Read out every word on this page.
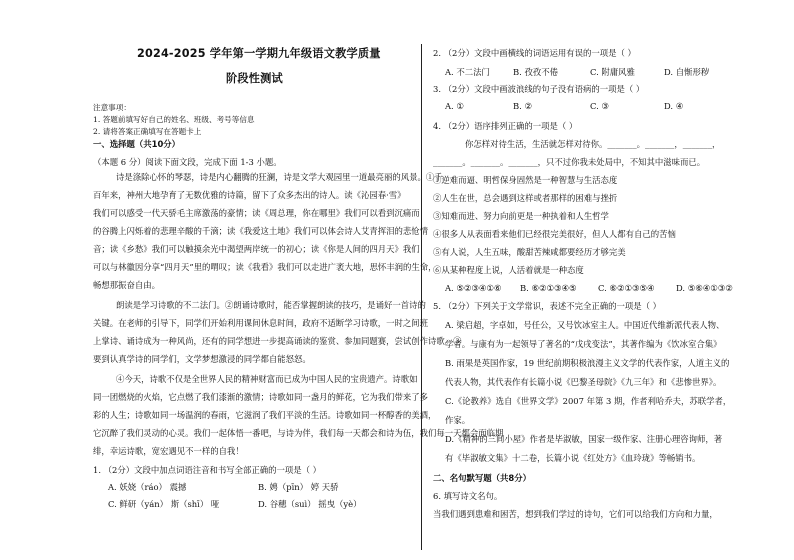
2024-2025 学年第一学期九年级语文教学质量
阶段性测试
注意事项：
1. 答题前填写好自己的姓名、班级、考号等信息
2. 请将答案正确填写在答题卡上
一、选择题（共10分）
（本题 6 分）阅读下面文段，完成下面 1-3 小题。
诗是涤除心怀的琴瑟，诗是内心翻腾的狂澜，诗是文学大观园里一道最亮丽的风景。①千
百年来，神州大地孕育了无数优雅的诗篇，留下了众多杰出的诗人。读《沁园春·雪》
我们可以感受一代天骄毛主席激荡的豪情；读《周总理，你在哪里》我们可以看到沉痛而
的谷腾上闪烁着的悲理辛酸的千滴；读《我爱这土地》我们可以体会诗人艾青挥泪的悲怆情
音；读《乡愁》我们可以触摸余光中渴望两岸统一的初心；读《你是人间的四月天》我们
可以与林徽因分享“四月天”里的喟叹；读《我看》我们可以走进广袤大地，思怀丰润的生命，
畅想那振奋自由。
朗读是学习诗歌的不二法门。②朗诵诗歌时，能否掌握朗读的技巧，是诵好一首诗的
关键。在老师的引导下，同学们开始利用课间休息时间，政府不适断学习诗歌，一时之间班
上掌诗、诵诗成为一种风尚，还有的同学想进一步提高诵读的鉴赏、参加同题赛，尝试创作诗歌。③
要到认真学诗的同学们，文学梦想激浸的同学都自能怒怒。
④今天，诗歌不仅是全世界人民的精神财富而已成为中国人民的宝贵遗产。诗歌如
同一团燃烧的火焰，它点燃了我们漆渐的激情；诗歌如同一盏月的鲜花，它为我们带来了多
彩的人生；诗歌如同一场温润的春雨，它滋润了我们平淡的生活。诗歌如同一杯醇香的美酒，
它沉醉了我们灵动的心灵。我们一起体悟一番吧，与诗为伴，我们每一天都会和诗为伍，我们每一天都会面临期
绯，幸运诗歌，宽宏遇见不一样的自我！
1. （2分）文段中加点词语注音和书写全部正确的一项是（ ）
A. 妖娆（ráo） 震撼	B. 娉（pīn） 婷 天骄
C. 鲜研（yán） 斯（shī） 哑	D. 谷穗（suì） 摇曳（yè）
2. （2分）文段中画横线的词语运用有误的一项是（ ）
A. 不二法门	B. 孜孜不倦	C. 附庸风雅	D. 自惭形秽
3. （2分）文段中画波浪线的句子没有语病的一项是（ ）
A. ①	B. ②	C. ③	D. ④
4. （2分）语序排列正确的一项是（ ）
你怎样对待生活，生活就怎样对待你。_______。_______，_______，
_______。_______。_______，只不过你我未处局中，不知其中滋味而已。
①逆难而逼、明哲保身固然是一种智慧与生活态度
②人生在世，总会遇到这样或者那样的困难与挫折
③知难而进、努力向前更是一种执着和人生哲学
④很多人从表面看来他们已经很完美很好，但人人都有自己的苦恼
⑤有人说，人生五味，酸甜苦辣咸都要经历才够完美
⑥从某种程度上说，人活着就是一种态度
A. ⑤②③④①⑥ B. ⑥②①③④⑤	C. ⑥②①③⑤④	D. ⑤⑥④①③②
5. （2分）下列关于文学常识，表述不完全正确的一项是（ ）
A. 梁启超，字卓如，号任公，又号饮冰室主人。中国近代维新派代表人物、
学者。与康有为一起领导了著名的“戊戌变法”，其著作编为《饮冰室合集》
B. 雨果是英国作家，19 世纪前期积极浪漫主义文学的代表作家，人道主义的
代表人物，其代表作有长篇小说《巴黎圣母院》《九三年》和《悲惨世界》。
C.《论教养》选自《世界文学》2007 年第 3 期，作者利哈乔夫，苏联学者，
作家。
D.《精神的三间小屋》作者是毕淑敏，国家一级作家、注册心理咨询师，著
有《毕淑敏文集》十二卷，长篇小说《红处方》《血玲珑》等畅销书。
二、名句默写题（共8分）
6. 填写诗文名句。
当我们遇到患难和困苦，想到我们学过的诗句，它们可以给我们方向和力量，
